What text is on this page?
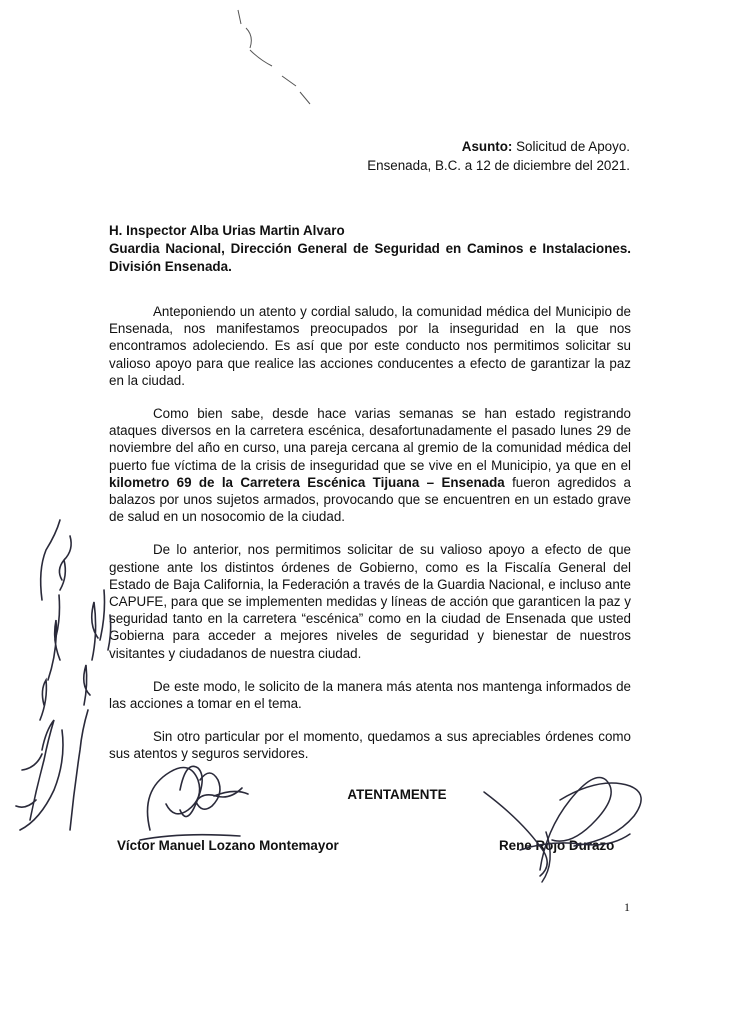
Asunto: Solicitud de Apoyo.
Ensenada, B.C. a 12 de diciembre del 2021.
H. Inspector Alba Urias Martin Alvaro
Guardia Nacional, Dirección General de Seguridad en Caminos e Instalaciones. División Ensenada.

Anteponiendo un atento y cordial saludo, la comunidad médica del Municipio de Ensenada, nos manifestamos preocupados por la inseguridad en la que nos encontramos adoleciendo. Es así que por este conducto nos permitimos solicitar su valioso apoyo para que realice las acciones conducentes a efecto de garantizar la paz en la ciudad.

Como bien sabe, desde hace varias semanas se han estado registrando ataques diversos en la carretera escénica, desafortunadamente el pasado lunes 29 de noviembre del año en curso, una pareja cercana al gremio de la comunidad médica del puerto fue víctima de la crisis de inseguridad que se vive en el Municipio, ya que en el kilometro 69 de la Carretera Escénica Tijuana – Ensenada fueron agredidos a balazos por unos sujetos armados, provocando que se encuentren en un estado grave de salud en un nosocomio de la ciudad.

De lo anterior, nos permitimos solicitar de su valioso apoyo a efecto de que gestione ante los distintos órdenes de Gobierno, como es la Fiscalía General del Estado de Baja California, la Federación a través de la Guardia Nacional, e incluso ante CAPUFE, para que se implementen medidas y líneas de acción que garanticen la paz y seguridad tanto en la carretera “escénica” como en la ciudad de Ensenada que usted Gobierna para acceder a mejores niveles de seguridad y bienestar de nuestros visitantes y ciudadanos de nuestra ciudad.

De este modo, le solicito de la manera más atenta nos mantenga informados de las acciones a tomar en el tema.

Sin otro particular por el momento, quedamos a sus apreciables órdenes como sus atentos y seguros servidores.

ATENTAMENTE
Víctor Manuel Lozano Montemayor	Rene Rojo Durazo
1
